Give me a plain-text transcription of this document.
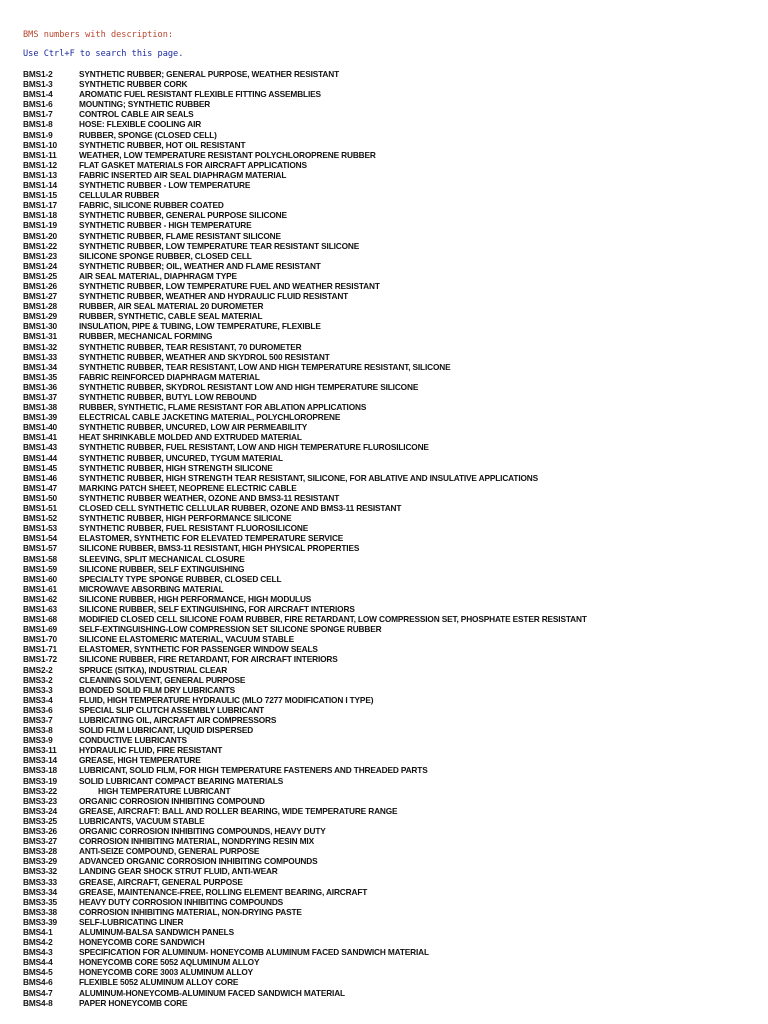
BMS numbers with description:
Use Ctrl+F to search this page.
BMS1-2	SYNTHETIC RUBBER; GENERAL PURPOSE, WEATHER RESISTANT
BMS1-3	SYNTHETIC RUBBER CORK
BMS1-4	AROMATIC FUEL RESISTANT FLEXIBLE FITTING ASSEMBLIES
BMS1-6	MOUNTING; SYNTHETIC RUBBER
BMS1-7	CONTROL CABLE AIR SEALS
BMS1-8	HOSE: FLEXIBLE COOLING AIR
BMS1-9	RUBBER, SPONGE (CLOSED CELL)
BMS1-10	SYNTHETIC RUBBER, HOT OIL RESISTANT
BMS1-11	WEATHER, LOW TEMPERATURE RESISTANT POLYCHLOROPRENE RUBBER
BMS1-12	FLAT GASKET MATERIALS FOR AIRCRAFT APPLICATIONS
BMS1-13	FABRIC INSERTED AIR SEAL DIAPHRAGM MATERIAL
BMS1-14	SYNTHETIC RUBBER - LOW TEMPERATURE
BMS1-15	CELLULAR RUBBER
BMS1-17	FABRIC, SILICONE RUBBER COATED
BMS1-18	SYNTHETIC RUBBER, GENERAL PURPOSE SILICONE
BMS1-19	SYNTHETIC RUBBER - HIGH TEMPERATURE
BMS1-20	SYNTHETIC RUBBER, FLAME RESISTANT SILICONE
BMS1-22	SYNTHETIC RUBBER, LOW TEMPERATURE TEAR RESISTANT SILICONE
BMS1-23	SILICONE SPONGE RUBBER, CLOSED CELL
BMS1-24	SYNTHETIC RUBBER; OIL, WEATHER AND FLAME RESISTANT
BMS1-25	AIR SEAL MATERIAL, DIAPHRAGM TYPE
BMS1-26	SYNTHETIC RUBBER, LOW TEMPERATURE FUEL AND WEATHER RESISTANT
BMS1-27	SYNTHETIC RUBBER, WEATHER AND HYDRAULIC FLUID RESISTANT
BMS1-28	RUBBER, AIR SEAL MATERIAL 20 DUROMETER
BMS1-29	RUBBER, SYNTHETIC, CABLE SEAL MATERIAL
BMS1-30	INSULATION, PIPE & TUBING, LOW TEMPERATURE, FLEXIBLE
BMS1-31	RUBBER, MECHANICAL FORMING
BMS1-32	SYNTHETIC RUBBER, TEAR RESISTANT, 70 DUROMETER
BMS1-33	SYNTHETIC RUBBER, WEATHER AND SKYDROL 500 RESISTANT
BMS1-34	SYNTHETIC RUBBER, TEAR RESISTANT, LOW AND HIGH TEMPERATURE RESISTANT, SILICONE
BMS1-35	FABRIC REINFORCED DIAPHRAGM MATERIAL
BMS1-36	SYNTHETIC RUBBER, SKYDROL RESISTANT LOW AND HIGH TEMPERATURE SILICONE
BMS1-37	SYNTHETIC RUBBER, BUTYL LOW REBOUND
BMS1-38	RUBBER, SYNTHETIC, FLAME RESISTANT FOR ABLATION APPLICATIONS
BMS1-39	ELECTRICAL CABLE JACKETING MATERIAL, POLYCHLOROPRENE
BMS1-40	SYNTHETIC RUBBER, UNCURED, LOW AIR PERMEABILITY
BMS1-41	HEAT SHRINKABLE MOLDED AND EXTRUDED MATERIAL
BMS1-43	SYNTHETIC RUBBER, FUEL RESISTANT, LOW AND HIGH TEMPERATURE FLUROSILICONE
BMS1-44	SYNTHETIC RUBBER, UNCURED, TYGUM MATERIAL
BMS1-45	SYNTHETIC RUBBER, HIGH STRENGTH SILICONE
BMS1-46	SYNTHETIC RUBBER, HIGH STRENGTH TEAR RESISTANT, SILICONE, FOR ABLATIVE AND INSULATIVE APPLICATIONS
BMS1-47	MARKING PATCH SHEET, NEOPRENE ELECTRIC CABLE
BMS1-50	SYNTHETIC RUBBER WEATHER, OZONE AND BMS3-11 RESISTANT
BMS1-51	CLOSED CELL SYNTHETIC CELLULAR RUBBER, OZONE AND BMS3-11 RESISTANT
BMS1-52	SYNTHETIC RUBBER, HIGH PERFORMANCE SILICONE
BMS1-53	SYNTHETIC RUBBER, FUEL RESISTANT FLUOROSILICONE
BMS1-54	ELASTOMER, SYNTHETIC FOR ELEVATED TEMPERATURE SERVICE
BMS1-57	SILICONE RUBBER, BMS3-11 RESISTANT, HIGH PHYSICAL PROPERTIES
BMS1-58	SLEEVING, SPLIT MECHANICAL CLOSURE
BMS1-59	SILICONE RUBBER, SELF EXTINGUISHING
BMS1-60	SPECIALTY TYPE SPONGE RUBBER, CLOSED CELL
BMS1-61	MICROWAVE ABSORBING MATERIAL
BMS1-62	SILICONE RUBBER, HIGH PERFORMANCE, HIGH MODULUS
BMS1-63	SILICONE RUBBER, SELF EXTINGUISHING, FOR AIRCRAFT INTERIORS
BMS1-68	MODIFIED CLOSED CELL SILICONE FOAM RUBBER, FIRE RETARDANT, LOW COMPRESSION SET, PHOSPHATE ESTER RESISTANT
BMS1-69	SELF-EXTINGUISHING-LOW COMPRESSION SET SILICONE SPONGE RUBBER
BMS1-70	SILICONE ELASTOMERIC MATERIAL, VACUUM STABLE
BMS1-71	ELASTOMER, SYNTHETIC FOR PASSENGER WINDOW SEALS
BMS1-72	SILICONE RUBBER, FIRE RETARDANT, FOR AIRCRAFT INTERIORS
BMS2-2	SPRUCE (SITKA), INDUSTRIAL CLEAR
BMS3-2	CLEANING SOLVENT, GENERAL PURPOSE
BMS3-3	BONDED SOLID FILM DRY LUBRICANTS
BMS3-4	FLUID, HIGH TEMPERATURE HYDRAULIC (MLO 7277 MODIFICATION I TYPE)
BMS3-6	SPECIAL SLIP CLUTCH ASSEMBLY LUBRICANT
BMS3-7	LUBRICATING OIL, AIRCRAFT AIR COMPRESSORS
BMS3-8	SOLID FILM LUBRICANT, LIQUID DISPERSED
BMS3-9	CONDUCTIVE LUBRICANTS
BMS3-11	HYDRAULIC FLUID, FIRE RESISTANT
BMS3-14	GREASE, HIGH TEMPERATURE
BMS3-18	LUBRICANT, SOLID FILM, FOR HIGH TEMPERATURE FASTENERS AND THREADED PARTS
BMS3-19	SOLID LUBRICANT COMPACT BEARING MATERIALS
BMS3-22	HIGH TEMPERATURE LUBRICANT
BMS3-23	ORGANIC CORROSION INHIBITING COMPOUND
BMS3-24	GREASE, AIRCRAFT: BALL AND ROLLER BEARING, WIDE TEMPERATURE RANGE
BMS3-25	LUBRICANTS, VACUUM STABLE
BMS3-26	ORGANIC CORROSION INHIBITING COMPOUNDS, HEAVY DUTY
BMS3-27	CORROSION INHIBITING MATERIAL, NONDRYING RESIN MIX
BMS3-28	ANTI-SEIZE COMPOUND, GENERAL PURPOSE
BMS3-29	ADVANCED ORGANIC CORROSION INHIBITING COMPOUNDS
BMS3-32	LANDING GEAR SHOCK STRUT FLUID, ANTI-WEAR
BMS3-33	GREASE, AIRCRAFT, GENERAL PURPOSE
BMS3-34	GREASE, MAINTENANCE-FREE, ROLLING ELEMENT BEARING, AIRCRAFT
BMS3-35	HEAVY DUTY CORROSION INHIBITING COMPOUNDS
BMS3-38	CORROSION INHIBITING MATERIAL, NON-DRYING PASTE
BMS3-39	SELF-LUBRICATING LINER
BMS4-1	ALUMINUM-BALSA SANDWICH PANELS
BMS4-2	HONEYCOMB CORE SANDWICH
BMS4-3	SPECIFICATION FOR ALUMINUM- HONEYCOMB ALUMINUM FACED SANDWICH MATERIAL
BMS4-4	HONEYCOMB CORE 5052 AQLUMINUM ALLOY
BMS4-5	HONEYCOMB CORE 3003 ALUMINUM ALLOY
BMS4-6	FLEXIBLE 5052 ALUMINUM ALLOY CORE
BMS4-7	ALUMINUM-HONEYCOMB-ALUMINUM FACED SANDWICH MATERIAL
BMS4-8	PAPER HONEYCOMB CORE
